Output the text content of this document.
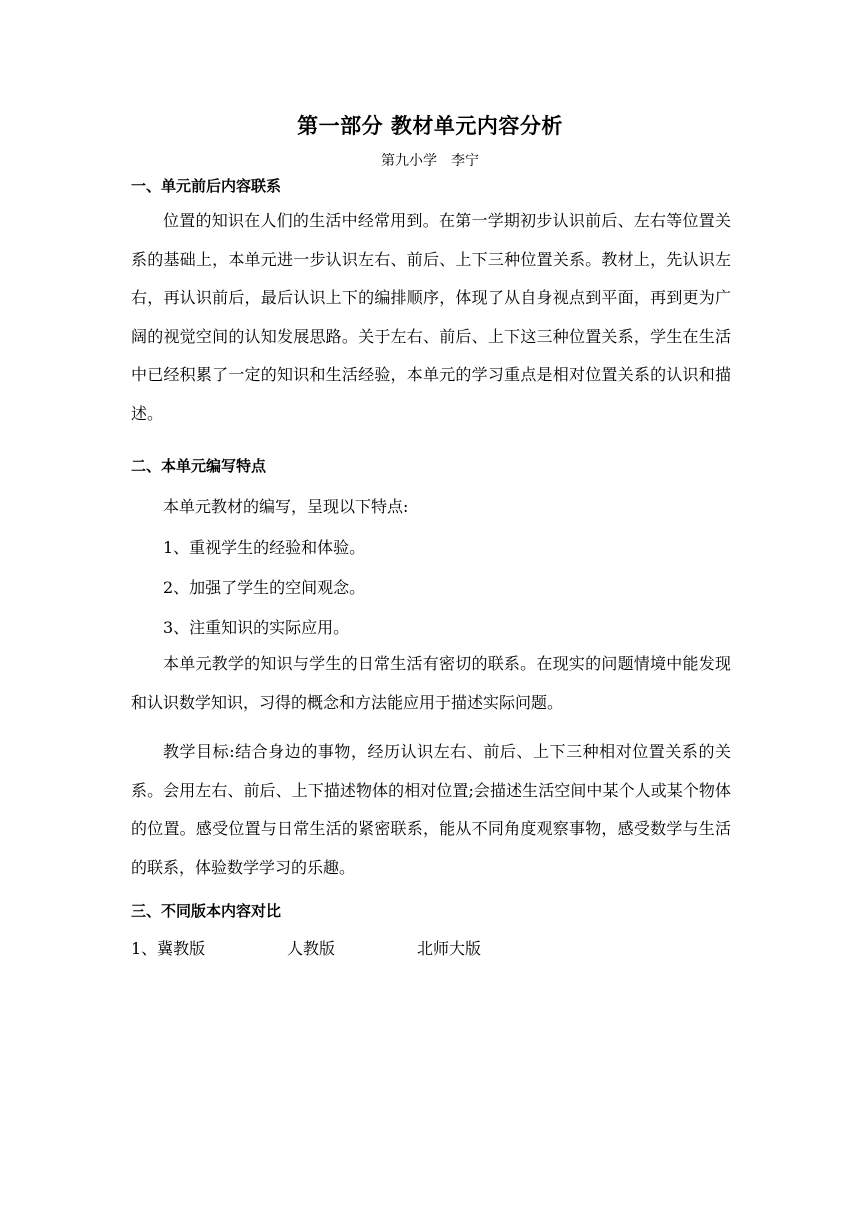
第一部分 教材单元内容分析
第九小学　李宁
一、单元前后内容联系
位置的知识在人们的生活中经常用到。在第一学期初步认识前后、左右等位置关系的基础上，本单元进一步认识左右、前后、上下三种位置关系。教材上，先认识左右，再认识前后，最后认识上下的编排顺序，体现了从自身视点到平面，再到更为广阔的视觉空间的认知发展思路。关于左右、前后、上下这三种位置关系，学生在生活中已经积累了一定的知识和生活经验，本单元的学习重点是相对位置关系的认识和描述。
二、本单元编写特点
本单元教材的编写，呈现以下特点:
1、重视学生的经验和体验。
2、加强了学生的空间观念。
3、注重知识的实际应用。
本单元教学的知识与学生的日常生活有密切的联系。在现实的问题情境中能发现和认识数学知识，习得的概念和方法能应用于描述实际问题。
教学目标:结合身边的事物，经历认识左右、前后、上下三种相对位置关系的关系。会用左右、前后、上下描述物体的相对位置;会描述生活空间中某个人或某个物体的位置。感受位置与日常生活的紧密联系，能从不同角度观察事物，感受数学与生活的联系，体验数学学习的乐趣。
三、不同版本内容对比
1、冀教版	人教版	北师大版
